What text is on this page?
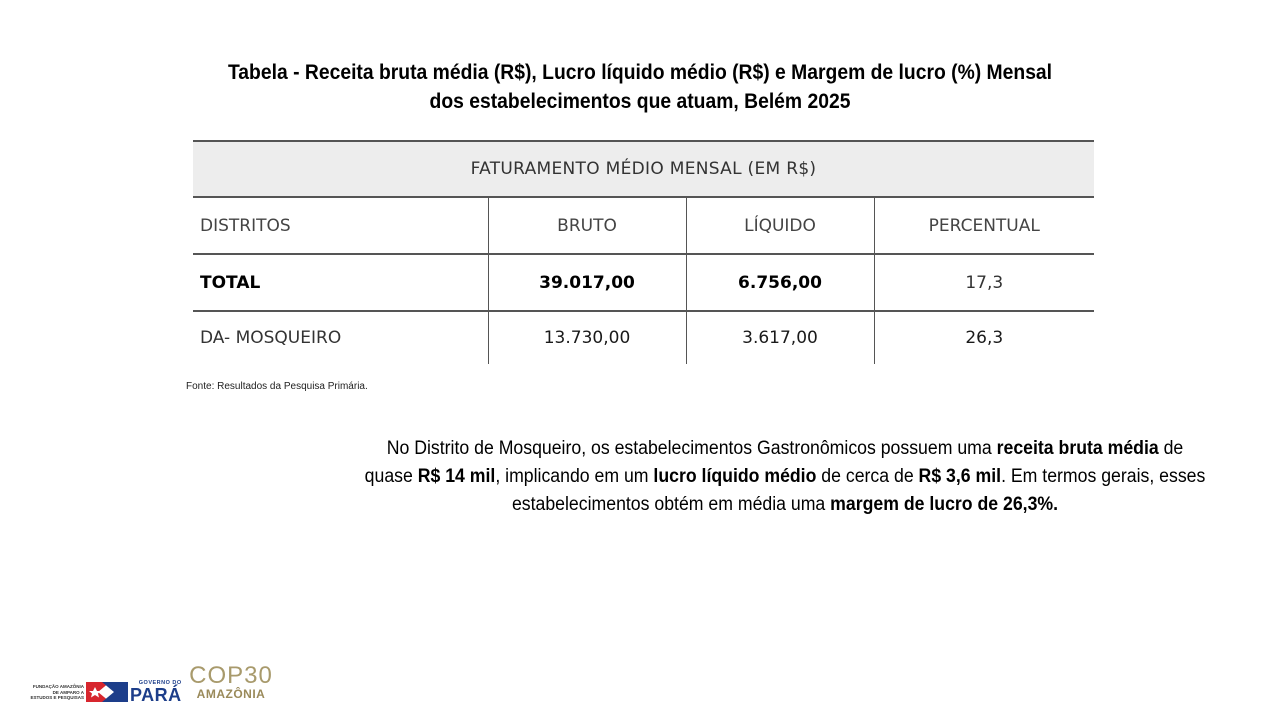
Tabela - Receita bruta média (R$), Lucro líquido médio (R$) e Margem de lucro (%) Mensal
dos estabelecimentos que atuam, Belém 2025
FATURAMENTO MÉDIO MENSAL (EM R$)			
DISTRITOS	BRUTO	LÍQUIDO	PERCENTUAL
TOTAL	39.017,00	6.756,00	17,3
DA- MOSQUEIRO	13.730,00	3.617,00	26,3
Fonte: Resultados da Pesquisa Primária.
No Distrito de Mosqueiro, os estabelecimentos Gastronômicos possuem uma receita bruta média de quase R$ 14 mil, implicando em um lucro líquido médio de cerca de R$ 3,6 mil. Em termos gerais, esses estabelecimentos obtém em média uma margem de lucro de 26,3%.
FUNDAÇÃO AMAZÔNIA DE AMPARO A ESTUDOS E PESQUISAS
GOVERNO DO
PARÁ
COP30
AMAZÔNIA
